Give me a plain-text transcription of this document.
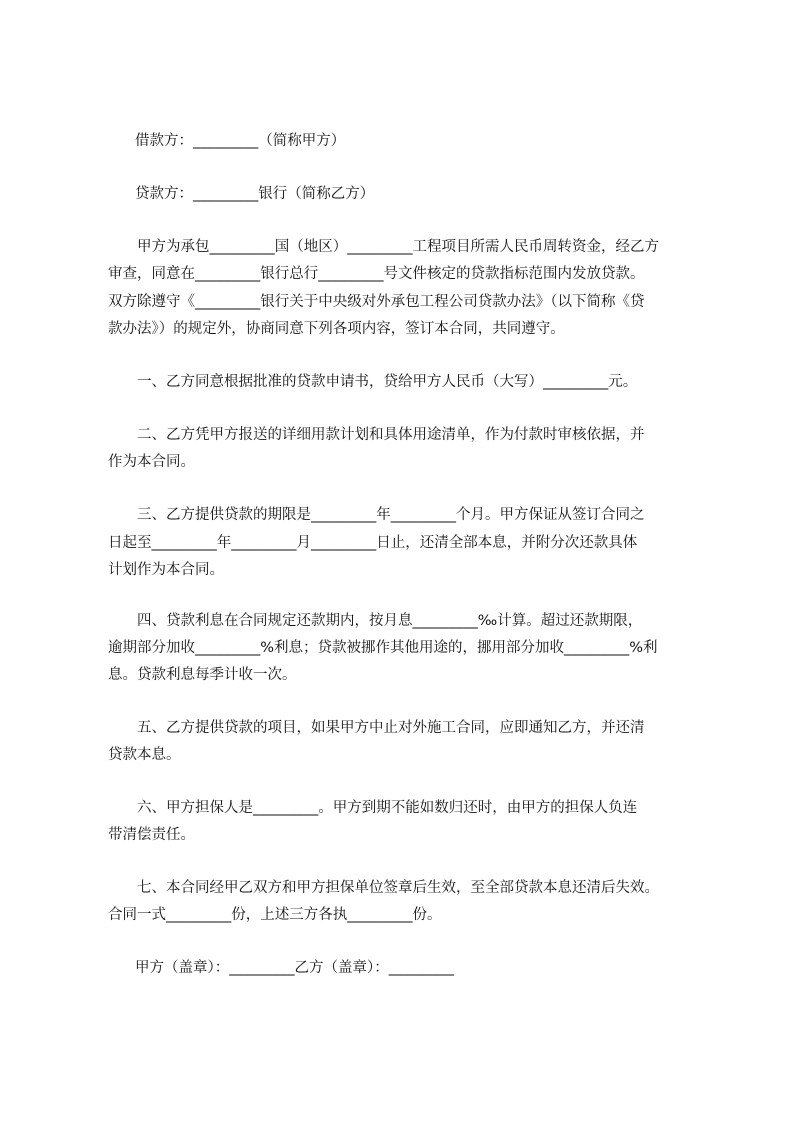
借款方：_________（简称甲方）
贷款方：_________银行（简称乙方）
甲方为承包_________国（地区）_________工程项目所需人民币周转资金，经乙方
审查，同意在_________银行总行_________号文件核定的贷款指标范围内发放贷款。
双方除遵守《_________银行关于中央级对外承包工程公司贷款办法》（以下简称《贷
款办法》）的规定外，协商同意下列各项内容，签订本合同，共同遵守。
一、乙方同意根据批准的贷款申请书，贷给甲方人民币（大写）_________元。
二、乙方凭甲方报送的详细用款计划和具体用途清单，作为付款时审核依据，并
作为本合同。
三、乙方提供贷款的期限是_________年_________个月。甲方保证从签订合同之
日起至_________年_________月_________日止，还清全部本息，并附分次还款具体
计划作为本合同。
四、贷款利息在合同规定还款期内，按月息_________‰计算。超过还款期限，
逾期部分加收_________%利息；贷款被挪作其他用途的，挪用部分加收_________%利
息。贷款利息每季计收一次。
五、乙方提供贷款的项目，如果甲方中止对外施工合同，应即通知乙方，并还清
贷款本息。
六、甲方担保人是_________。甲方到期不能如数归还时，由甲方的担保人负连
带清偿责任。
七、本合同经甲乙双方和甲方担保单位签章后生效，至全部贷款本息还清后失效。
合同一式_________份，上述三方各执_________份。
甲方（盖章）：_________乙方（盖章）：_________
